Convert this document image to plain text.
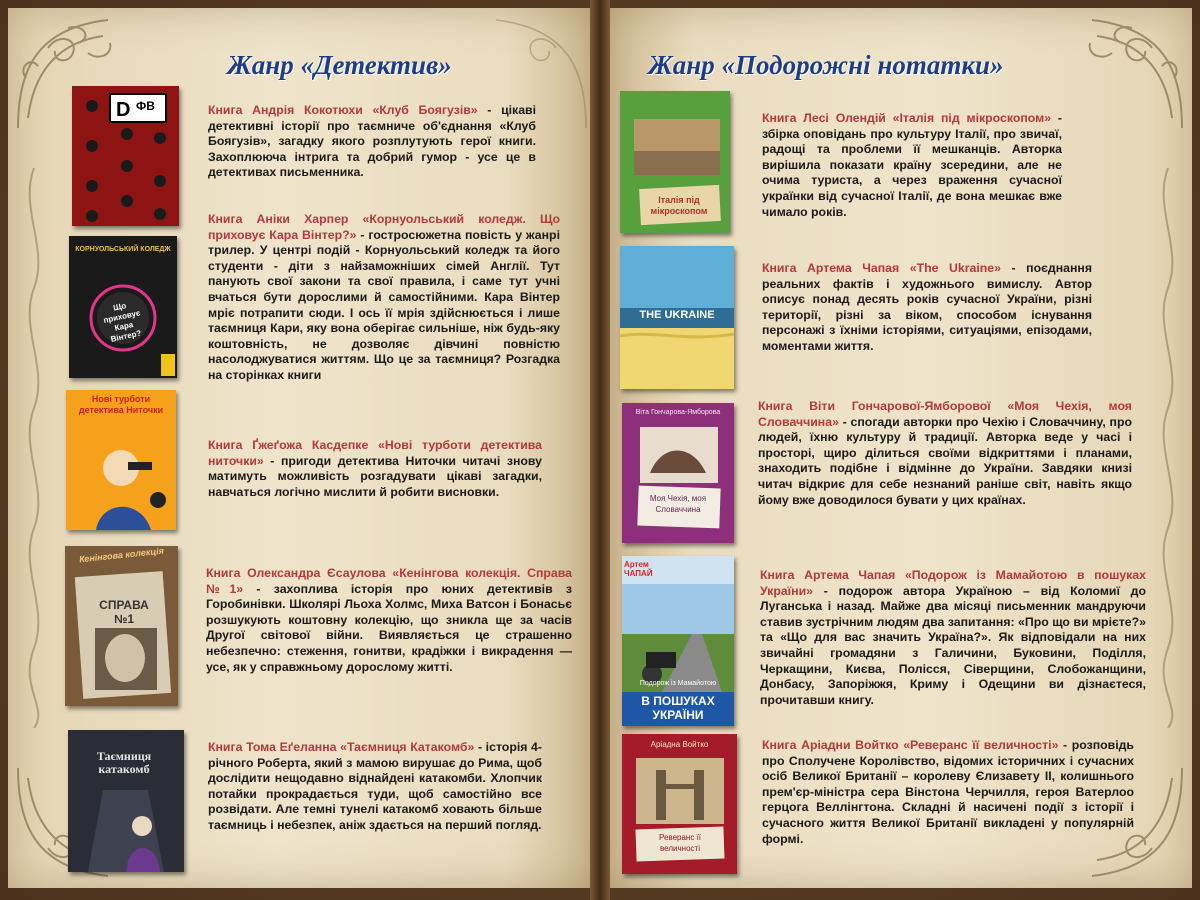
Жанр «Детектив»
D ФВ
КОРНУОЛЬСЬКИЙ КОЛЕДЖ
Що приховує Кара Вінтер?
Нові турботи детектива Ниточки
Кенінгова колекція
СПРАВА №1
Таємниця катакомб

Книга Андрія Кокотюхи «Клуб Боягузів» - цікаві детективні історії про таємниче об'єднання «Клуб Боягузів», загадку якого розплутують герої книги. Захоплююча інтрига та добрий гумор - усе це в детективах письменника.

Книга Аніки Харпер «Корнуольський коледж. Що приховує Кара Вінтер?» - гостросюжетна повість у жанрі трилер. У центрі подій - Корнуольський коледж та його студенти - діти з найзаможніших сімей Англії. Тут панують свої закони та свої правила, і саме тут учні вчаться бути дорослими й самостійними. Кара Вінтер мріє потрапити сюди. І ось її мрія здійснюється і лише таємниця Кари, яку вона оберігає сильніше, ніж будь-яку коштовність, не дозволяє дівчині повністю насолоджуватися життям. Що це за таємниця? Розгадка на сторінках книги

Книга Ґжеґожа Касдепке «Нові турботи детектива ниточки» - пригоди детектива Ниточки читачі знову матимуть можливість розгадувати цікаві загадки, навчаться логічно мислити й робити висновки.

Книга Олександра Єсаулова «Кенінгова колекція. Справа №1» - захоплива історія про юних детективів з Горобинівки. Школярі Льоха Холмс, Миха Ватсон і Бонасьє розшукують коштовну колекцію, що зникла ще за часів Другої світової війни. Виявляється це страшенно небезпечно: стеження, гонитви, крадіжки і викрадення — усе, як у справжньому дорослому житті.

Книга Тома Еґеланна «Таємниця Катакомб» - історія 4-річного Роберта, який з мамою вирушає до Рима, щоб дослідити нещодавно віднайдені катакомби. Хлопчик потайки прокрадається туди, щоб самостійно все розвідати. Але темні тунелі катакомб ховають більше таємниць і небезпек, аніж здається на перший погляд.

Жанр «Подорожні нотатки»
Італія під мікроскопом
THE UKRAINE
Віта Гончарова-Ямборова
Моя Чехія, моя Словаччина
Артем ЧАПАЙ
Подорож із Мамайотою
В ПОШУКАХ УКРАЇНИ
Аріадна Войтко
Реверанс її величності

Книга Лесі Олендій «Італія під мікроскопом» - збірка оповідань про культуру Італії, про звичаї, радощі та проблеми її мешканців. Авторка вирішила показати країну зсередини, але не очима туриста, а через враження сучасної українки від сучасної Італії, де вона мешкає вже чимало років.

Книга Артема Чапая «The Ukraine» - поєднання реальних фактів і художнього вимислу. Автор описує понад десять років сучасної України, різні території, різні за віком, способом існування персонажі з їхніми історіями, ситуаціями, епізодами, моментами життя.

Книга Віти Гончарової-Ямборової «Моя Чехія, моя Словаччина» - спогади авторки про Чехію і Словаччину, про людей, їхню культуру й традиції. Авторка веде у часі і просторі, щиро ділиться своїми відкриттями і планами, знаходить подібне і відмінне до України. Завдяки книзі читач відкриє для себе незнаний раніше світ, навіть якщо йому вже доводилося бувати у цих країнах.

Книга Артема Чапая «Подорож із Мамайотою в пошуках України» - подорож автора Україною – від Коломиї до Луганська і назад. Майже два місяці письменник мандруючи ставив зустрічним людям два запитання: «Про що ви мрієте?» та «Що для вас значить Україна?». Як відповідали на них звичайні громадяни з Галичини, Буковини, Поділля, Черкащини, Києва, Полісся, Сіверщини, Слобожанщини, Донбасу, Запоріжжя, Криму і Одещини ви дізнаєтеся, прочитавши книгу.

Книга Аріадни Войтко «Реверанс її величності» - розповідь про Сполучене Королівство, відомих історичних і сучасних осіб Великої Британії – королеву Єлизавету ІІ, колишнього прем'єр-міністра сера Вінстона Черчилля, героя Ватерлоо герцога Веллінгтона. Складні й насичені події з історії і сучасного життя Великої Британії викладені у популярній формі.
